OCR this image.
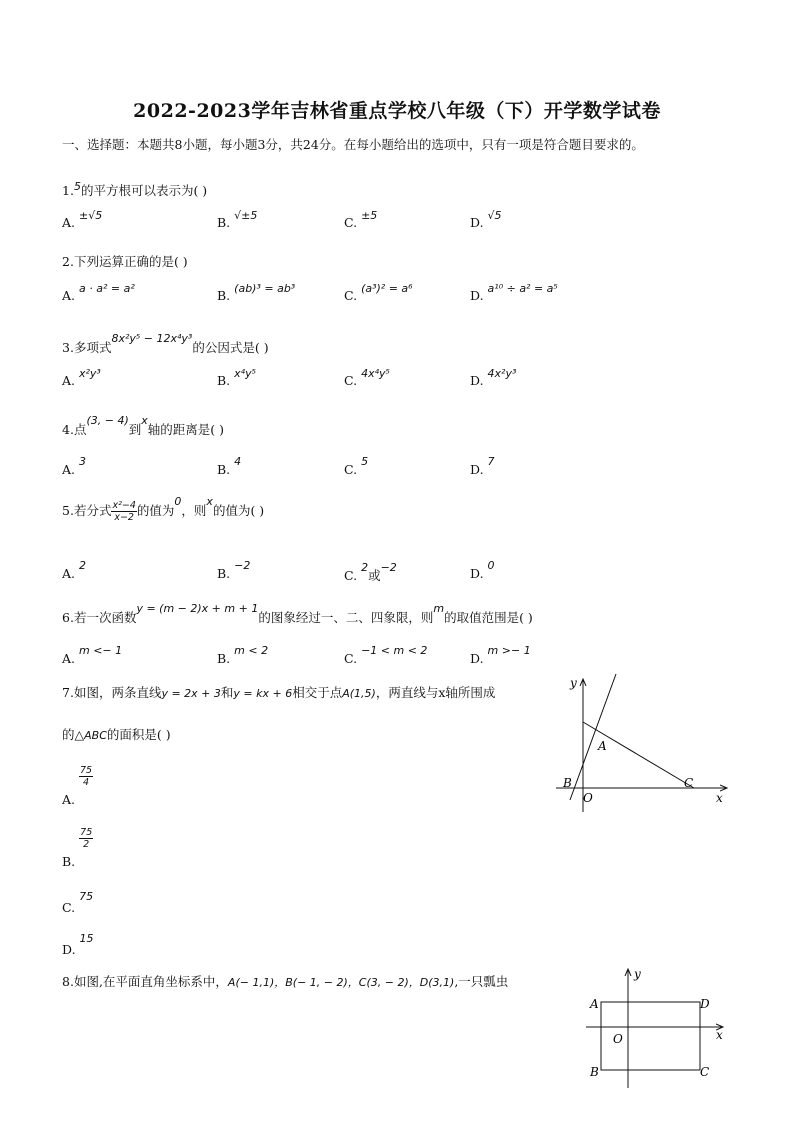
2022-2023学年吉林省重点学校八年级（下）开学数学试卷
一、选择题：本题共8小题，每小题3分，共24分。在每小题给出的选项中，只有一项是符合题目要求的。
1.$^5$的平方根可以表示为( )
A. ±√5	B. √±5	C. ±5	D. √5
2.下列运算正确的是( )
A. a · a² = a²	B. (ab)³ = ab³	C. (a³)² = a⁶	D. a¹⁰ ÷ a² = a⁵
3.多项式8x²y⁵ − 12x⁴y³的公因式是( )
A. x²y³	B. x⁴y⁵	C. 4x⁴y⁵	D. 4x²y³
4.点(3, − 4)到x轴的距离是( )
A. 3
B. 4
C. 5
D. 7
5.若分式 $\frac{\text{x²−4}}{x-2}$ 的值为0，则x的值为( )
A. 2
B. −2
C. 2或−2	D. 0
6.若一次函数y = (m − 2)x + m + 1的图象经过一、二、四象限，则m的取值范围是( )
A. m <− 1
B. m < 2
C. −1 < m < 2
D. m >− 1
7.如图，两条直线y = 2x + 3和y = kx + 6相交于点A(1,5)，两直线与x轴所围成
的△ABC的面积是( )
A.
$\frac{75}{4}$
B.
$\frac{75}{2}$
C. 75
D. 15
y
x
A
B	C
O
8.如图,在平面直角坐标系中，A(− 1,1)，B(− 1, − 2)，C(3, − 2)，D(3,1),一只瓢虫	y
x
A
B	C
D
O
